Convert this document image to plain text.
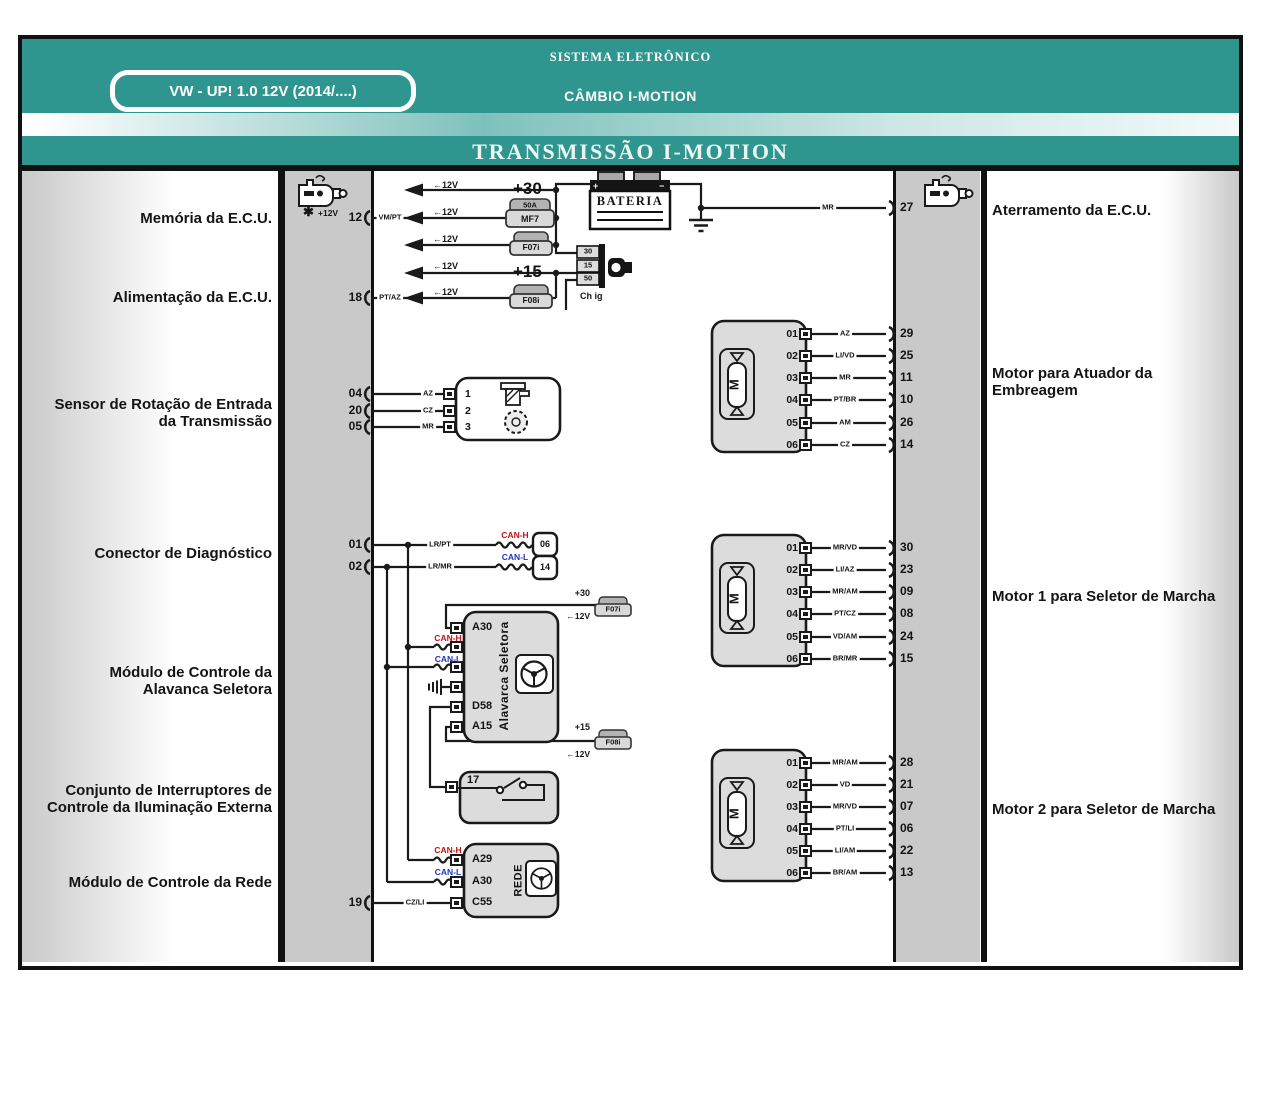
SISTEMA ELETRÔNICO
VW - UP! 1.0 12V (2014/....)	CÂMBIO I-MOTION
TRANSMISSÃO I-MOTION
Memória da E.C.U.
Alimentação da E.C.U.
Sensor de Rotação de Entrada
da Transmissão
Conector de Diagnóstico
Módulo de Controle da
Alavanca Seletora
Conjunto de Interruptores de
Controle da Iluminação Externa
Módulo de Controle da Rede
Aterramento da E.C.U.
Motor para Atuador da
Embreagem
Motor 1 para Seletor de Marcha
Motor 2 para Seletor de Marcha
✱ +12V 12
18
04
20
05
01
02
19
27
←12V
←12V
←12V
←12V
←12V
+30
+15
50A
MF7
F07i
F08i
+	−
BATERIA
30
15
50
Ch ig
VM/PT
PT/AZ
MR
AZ
CZ
MR
1
2
3
LR/PT
LR/MR
CAN-H
CAN-L
06
14
CAN-H
CAN-L
A30
D58
A15 Alavarca Seletora
+30
←12V
F07i
+15
←12V
F08i
17
CAN-H
CAN-L
CZ/LI
A29
A30
C55
REDE
M
M
M
01	AZ	29
02	LI/VD	25
03	MR	11
04	PT/BR	10
05	AM	26
06	CZ	14
01	MR/VD	30
02	LI/AZ	23
03	MR/AM	09
04	PT/CZ	08
05	VD/AM	24
06	BR/MR	15
01	MR/AM	28
02	VD	21
03	MR/VD	07
04	PT/LI	06
05	LI/AM	22
06	BR/AM	13
